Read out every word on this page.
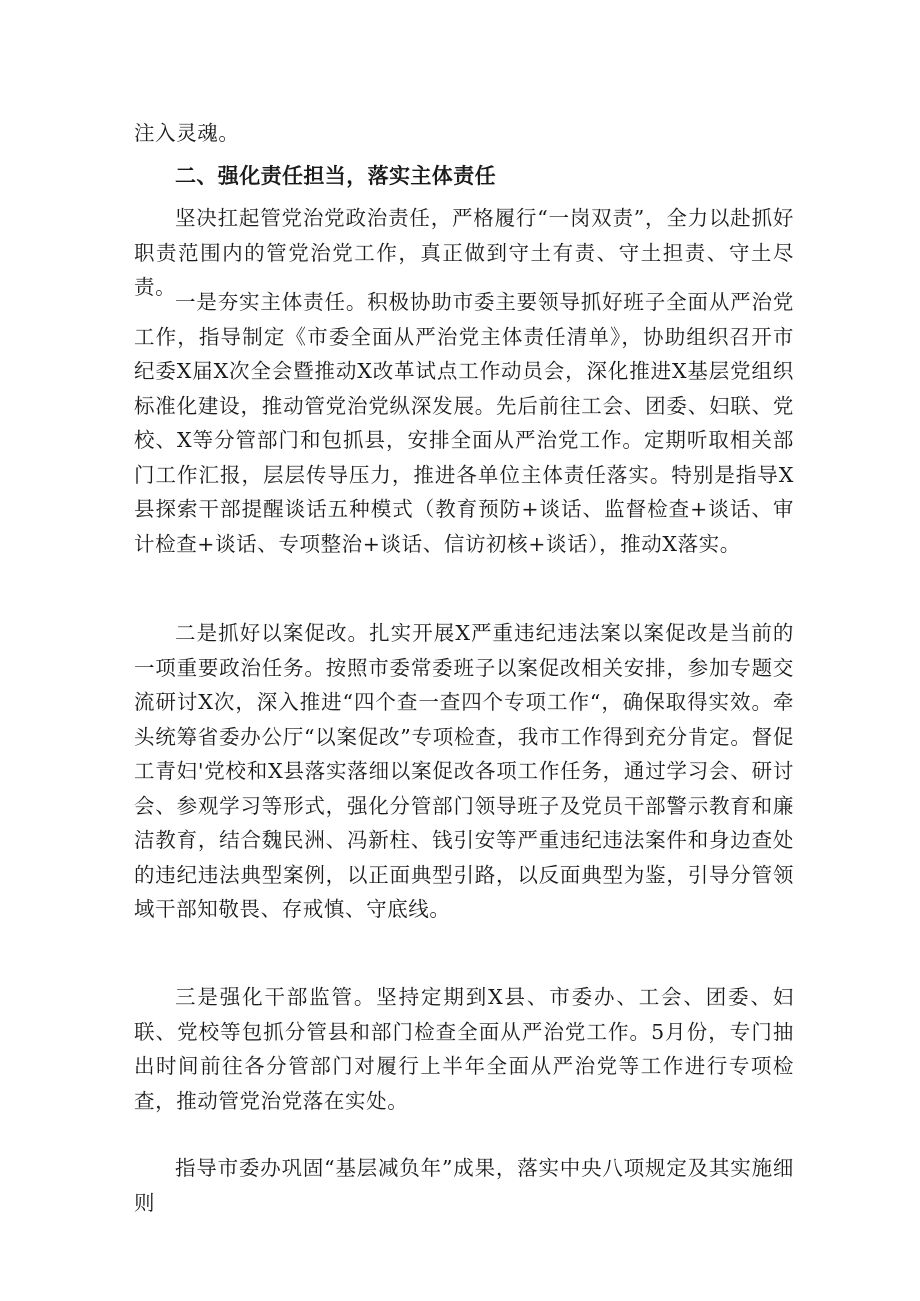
注入灵魂。

二、强化责任担当，落实主体责任

坚决扛起管党治党政治责任，严格履行“一岗双责”，全力以赴抓好职责范围内的管党治党工作，真正做到守土有责、守土担责、守土尽责。

一是夯实主体责任。积极协助市委主要领导抓好班子全面从严治党工作，指导制定《市委全面从严治党主体责任清单》，协助组织召开市纪委X届X次全会暨推动X改革试点工作动员会，深化推进X基层党组织标准化建设，推动管党治党纵深发展。先后前往工会、团委、妇联、党校、X等分管部门和包抓县，安排全面从严治党工作。定期听取相关部门工作汇报，层层传导压力，推进各单位主体责任落实。特别是指导X县探索干部提醒谈话五种模式（教育预防+谈话、监督检查+谈话、审计检查+谈话、专项整治+谈话、信访初核+谈话），推动X落实。

二是抓好以案促改。扎实开展X严重违纪违法案以案促改是当前的一项重要政治任务。按照市委常委班子以案促改相关安排，参加专题交流研讨X次，深入推进“四个查一查四个专项工作“，确保取得实效。牵头统筹省委办公厅“以案促改”专项检查，我市工作得到充分肯定。督促工青妇'党校和X县落实落细以案促改各项工作任务，通过学习会、研讨会、参观学习等形式，强化分管部门领导班子及党员干部警示教育和廉洁教育，结合魏民洲、冯新柱、钱引安等严重违纪违法案件和身边查处的违纪违法典型案例，以正面典型引路，以反面典型为鉴，引导分管领域干部知敬畏、存戒慎、守底线。

三是强化干部监管。坚持定期到X县、市委办、工会、团委、妇联、党校等包抓分管县和部门检查全面从严治党工作。5月份，专门抽出时间前往各分管部门对履行上半年全面从严治党等工作进行专项检查，推动管党治党落在实处。

指导市委办巩固“基层减负年”成果，落实中央八项规定及其实施细则
